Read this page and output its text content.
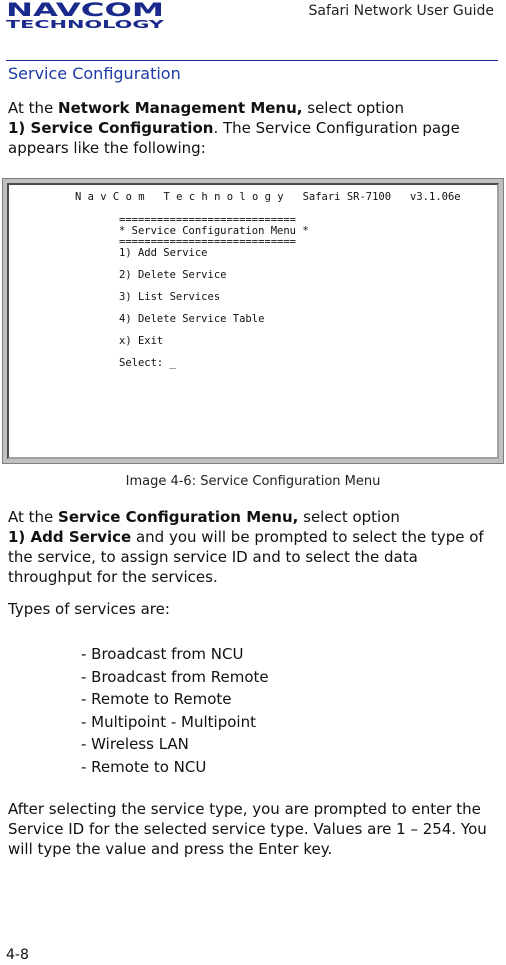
NAVCOM
TECHNOLOGY
Safari Network User Guide
Service Configuration
At the Network Management Menu, select option
1) Service Configuration. The Service Configuration page appears like the following:
N a v C o m   T e c h n o l o g y   Safari SR-7100   v3.1.06e
============================
* Service Configuration Menu *
============================
1) Add Service
2) Delete Service
3) List Services
4) Delete Service Table
x) Exit
Select: _
Image 4-6: Service Configuration Menu
At the Service Configuration Menu, select option
1) Add Service and you will be prompted to select the type of the service, to assign service ID and to select the data throughput for the services.
Types of services are:
- Broadcast from NCU
- Broadcast from Remote
- Remote to Remote
- Multipoint - Multipoint
- Wireless LAN
- Remote to NCU
After selecting the service type, you are prompted to enter the Service ID for the selected service type. Values are 1 – 254. You will type the value and press the Enter key.
4-8
